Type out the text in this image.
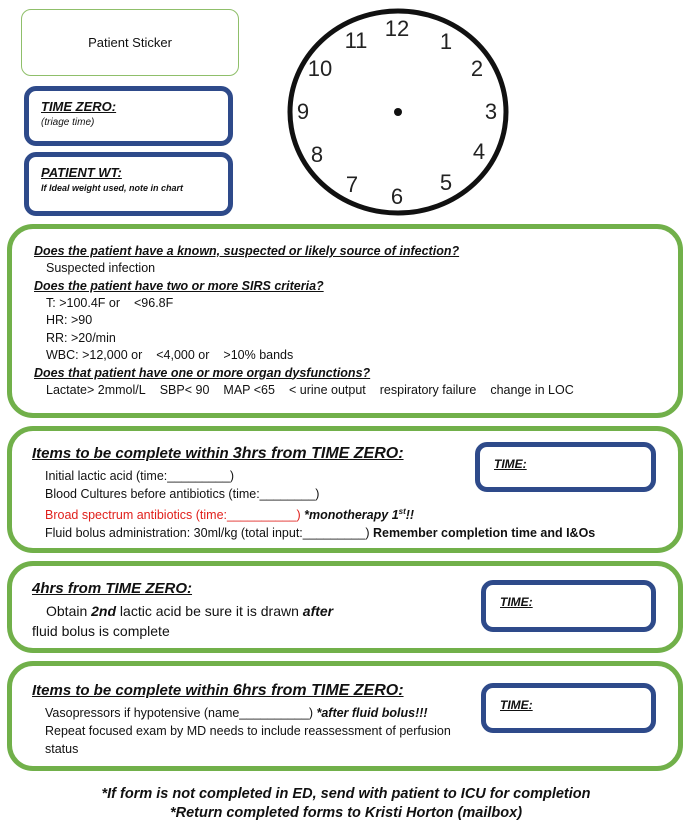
Patient Sticker
TIME ZERO:
(triage time)
PATIENT WT:
If Ideal weight used, note in chart
12
1
2
3
4
5
6
7
8
9
10
11
Does the patient have a known, suspected or likely source of infection?
Suspected infection
Does the patient have two or more SIRS criteria?
T: >100.4F or <96.8F
HR: >90
RR: >20/min
WBC: >12,000 or <4,000 or >10% bands
Does that patient have one or more organ dysfunctions?
Lactate> 2mmol/L SBP< 90 MAP <65 < urine output respiratory failure change in LOC
Items to be complete within 3hrs from TIME ZERO:
Initial lactic acid (time:_________)
Blood Cultures before antibiotics (time:________)
Broad spectrum antibiotics (time:__________) *monotherapy 1st!!
Fluid bolus administration: 30ml/kg (total input:_________) Remember completion time and I&Os
TIME:
4hrs from TIME ZERO:
Obtain 2nd lactic acid be sure it is drawn after
fluid bolus is complete
TIME:
Items to be complete within 6hrs from TIME ZERO:
Vasopressors if hypotensive (name__________) *after fluid bolus!!!
Repeat focused exam by MD needs to include reassessment of perfusion status
TIME:
*If form is not completed in ED, send with patient to ICU for completion
*Return completed forms to Kristi Horton (mailbox)
